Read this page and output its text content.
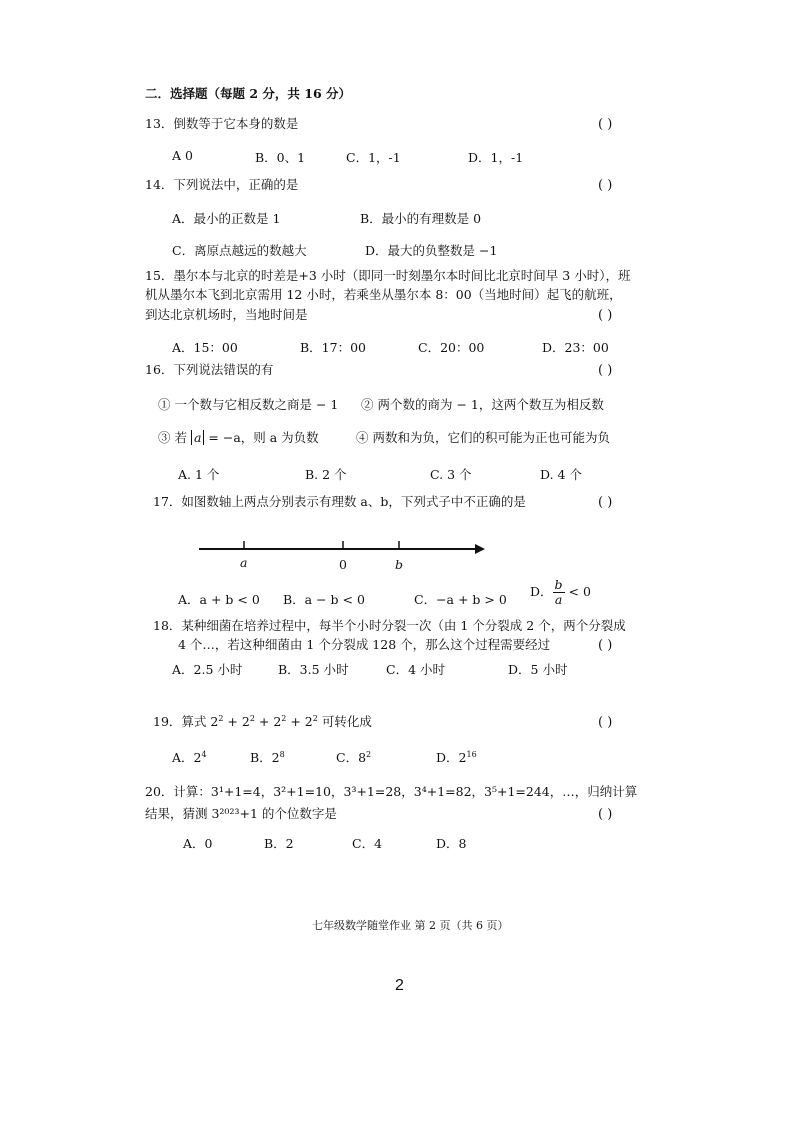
二．选择题（每题 2 分，共 16 分）
13．倒数等于它本身的数是	( )
A 0	B．0、1	C．1，-1	D．1，-1
14．下列说法中，正确的是	( )
A．最小的正数是 1	B．最小的有理数是 0
C．离原点越远的数越大	D．最大的负整数是 −1
15．墨尔本与北京的时差是+3 小时（即同一时刻墨尔本时间比北京时间早 3 小时），班
机从墨尔本飞到北京需用 12 小时，若乘坐从墨尔本 8：00（当地时间）起飞的航班，
到达北京机场时，当地时间是	( )
A．15：00	B．17：00	C．20：00	D．23：00
16．下列说法错误的有	( )
① 一个数与它相反数之商是 − 1 ② 两个数的商为 − 1，这两个数互为相反数
③ 若 a = −a，则 a 为负数	④ 两数和为负，它们的积可能为正也可能为负
A. 1 个	B. 2 个	C. 3 个	D. 4 个
17．如图数轴上两点分别表示有理数 a、b，下列式子中不正确的是	( )
a	0	b
A．a + b < 0 B．a − b < 0	C．−a + b > 0
D． $\frac{b}{a} < 0$
18．某种细菌在培养过程中，每半个小时分裂一次（由 1 个分裂成 2 个，两个分裂成
4 个…，若这种细菌由 1 个分裂成 128 个，那么这个过程需要经过	( )
A．2.5 小时	B．3.5 小时	C．4 小时	D．5 小时
19．算式 $2^2 + 2^2 + 2^2 + 2^2$ 可转化成	( )
A．$2^4$	B．$2^8$	C．$8^2$	D．$2^{16}$
20．计算：3¹+1=4，3²+1=10，3³+1=28，3⁴+1=82，3⁵+1=244，…，归纳计算
结果，猜测 3²⁰²³+1 的个位数字是	( )
A．0	B．2	C．4	D．8
七年级数学随堂作业 第 2 页（共 6 页）
2
